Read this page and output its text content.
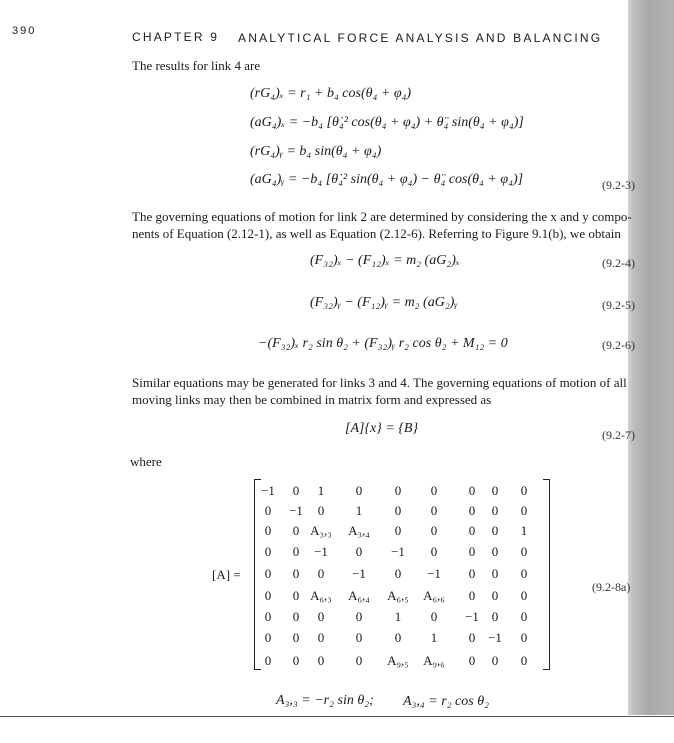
390	CHAPTER 9 ANALYTICAL FORCE ANALYSIS AND BALANCING
The results for link 4 are
(rG₄)ₓ = r₁ + b₄ cos(θ₄ + φ₄)
(aG₄)ₓ = −b₄ [θ̇₄² cos(θ₄ + φ₄) + θ̈₄ sin(θ₄ + φ₄)]
(rG₄)ᵧ = b₄ sin(θ₄ + φ₄)
(aG₄)ᵧ = −b₄ [θ̇₄² sin(θ₄ + φ₄) − θ̈₄ cos(θ₄ + φ₄)]	(9.2-3)
The governing equations of motion for link 2 are determined by considering the x and y compo-
nents of Equation (2.12-1), as well as Equation (2.12-6). Referring to Figure 9.1(b), we obtain
(F₃₂)ₓ − (F₁₂)ₓ = m₂ (aG₂)ₓ	(9.2-4)
(F₃₂)ᵧ − (F₁₂)ᵧ = m₂ (aG₂)ᵧ	(9.2-5)
−(F₃₂)ₓ r₂ sin θ₂ + (F₃₂)ᵧ r₂ cos θ₂ + M₁₂ = 0	(9.2-6)
Similar equations may be generated for links 3 and 4. The governing equations of motion of all
moving links may then be combined in matrix form and expressed as
[A]{x} = {B}	(9.2-7)
where
[A] =
−1	0	1	0	0	0	0	0	0
0	−1	0	1	0	0	0	0	0
0	0 A₃,₃	A₃,₄	0	0	0	0	1
0	0	−1	0	−1	0	0	0	0
0	0	0	−1	0	−1	0	0	0
0	0 A₆,₃	A₆,₄	A₆,₅	A₆,₆	0	0	0
0	0	0	0	1	0	−1 0	0
0	0	0	0	0	1	0 −1	0
0	0	0	0	A₉,₅	A₉,₆	0	0	0
(9.2-8a)
A₃,₃ = −r₂ sin θ₂; A₃,₄ = r₂ cos θ₂
